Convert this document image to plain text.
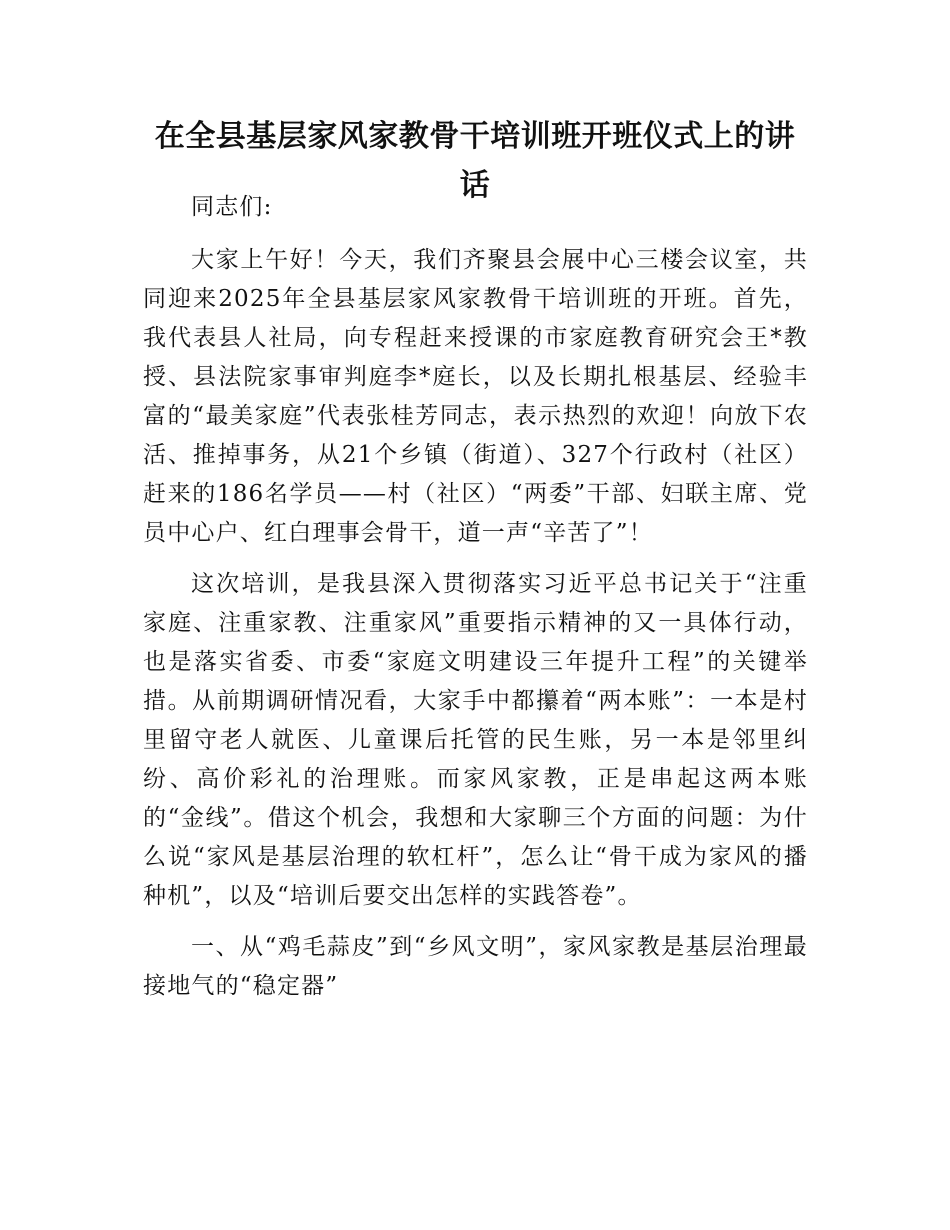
在全县基层家风家教骨干培训班开班仪式上的讲话

同志们:

大家上午好！今天，我们齐聚县会展中心三楼会议室，共同迎来2025年全县基层家风家教骨干培训班的开班。首先，我代表县人社局，向专程赶来授课的市家庭教育研究会王*教授、县法院家事审判庭李*庭长，以及长期扎根基层、经验丰富的“最美家庭”代表张桂芳同志，表示热烈的欢迎！向放下农活、推掉事务，从21个乡镇（街道）、327个行政村（社区）赶来的186名学员——村（社区）“两委”干部、妇联主席、党员中心户、红白理事会骨干，道一声“辛苦了”！

这次培训，是我县深入贯彻落实习近平总书记关于“注重家庭、注重家教、注重家风”重要指示精神的又一具体行动，也是落实省委、市委“家庭文明建设三年提升工程”的关键举措。从前期调研情况看，大家手中都攥着“两本账”：一本是村里留守老人就医、儿童课后托管的民生账，另一本是邻里纠纷、高价彩礼的治理账。而家风家教，正是串起这两本账的“金线”。借这个机会，我想和大家聊三个方面的问题：为什么说“家风是基层治理的软杠杆”，怎么让“骨干成为家风的播种机”，以及“培训后要交出怎样的实践答卷”。

一、从“鸡毛蒜皮”到“乡风文明”，家风家教是基层治理最接地气的“稳定器”
